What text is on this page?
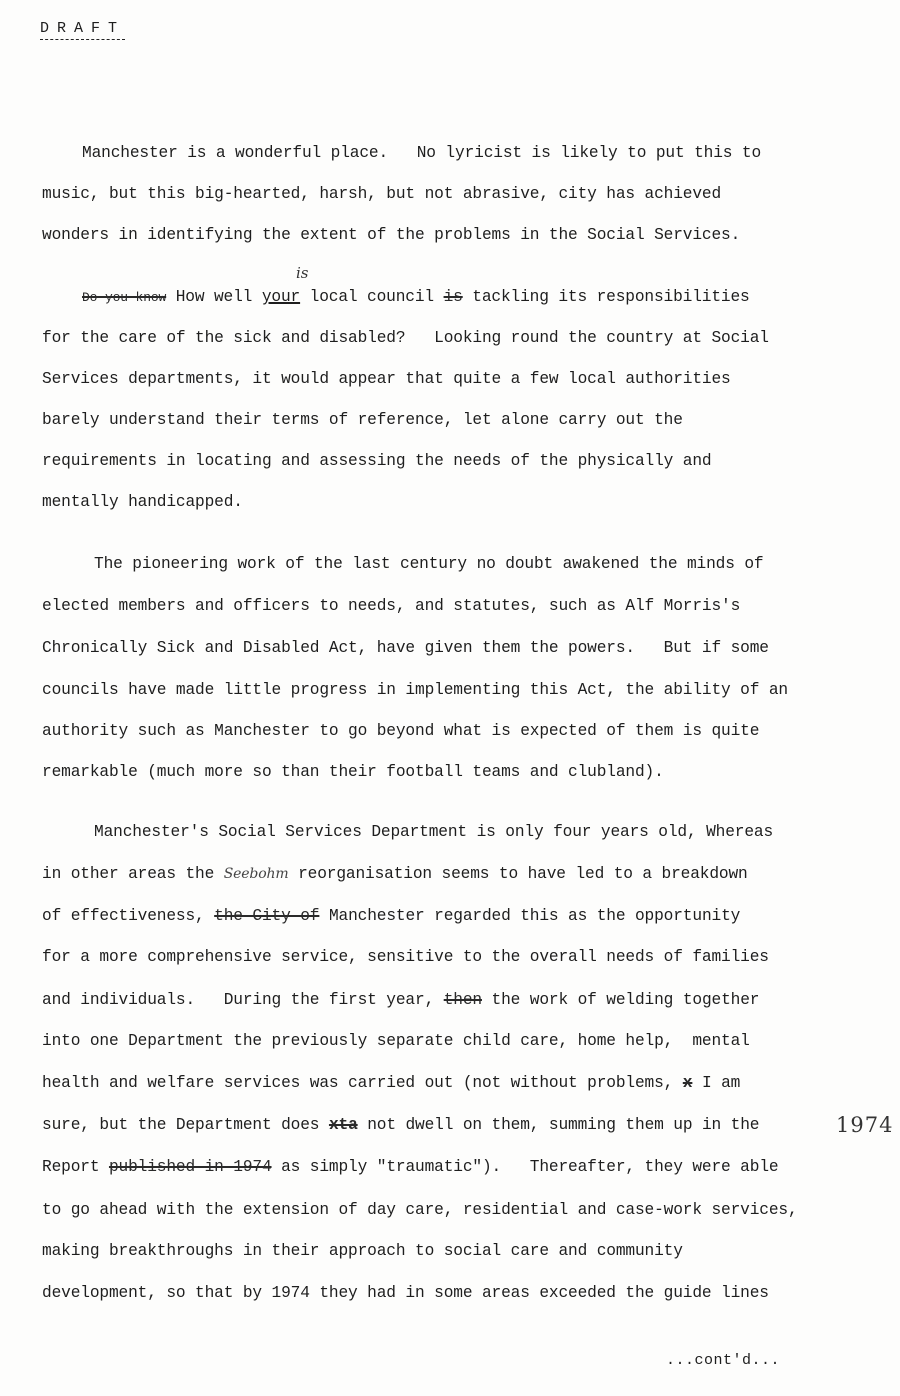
DRAFT
Manchester is a wonderful place.   No lyricist is likely to put this to
music, but this big-hearted, harsh, but not abrasive, city has achieved
wonders in identifying the extent of the problems in the Social Services.
is
Do you know How well your local council is tackling its responsibilities
for the care of the sick and disabled?   Looking round the country at Social
Services departments, it would appear that quite a few local authorities
barely understand their terms of reference, let alone carry out the
requirements in locating and assessing the needs of the physically and
mentally handicapped.
The pioneering work of the last century no doubt awakened the minds of
elected members and officers to needs, and statutes, such as Alf Morris's
Chronically Sick and Disabled Act, have given them the powers.   But if some
councils have made little progress in implementing this Act, the ability of an
authority such as Manchester to go beyond what is expected of them is quite
remarkable (much more so than their football teams and clubland).
Manchester's Social Services Department is only four years old, Whereas
in other areas the Seebohm reorganisation seems to have led to a breakdown
of effectiveness, the City of Manchester regarded this as the opportunity
for a more comprehensive service, sensitive to the overall needs of families
and individuals.   During the first year, then the work of welding together
into one Department the previously separate child care, home help,  mental
health and welfare services was carried out (not without problems, x I am
sure, but the Department does xta not dwell on them, summing them up in the	1974
Report published in 1974 as simply "traumatic").   Thereafter, they were able
to go ahead with the extension of day care, residential and case-work services,
making breakthroughs in their approach to social care and community
development, so that by 1974 they had in some areas exceeded the guide lines
...cont'd...
